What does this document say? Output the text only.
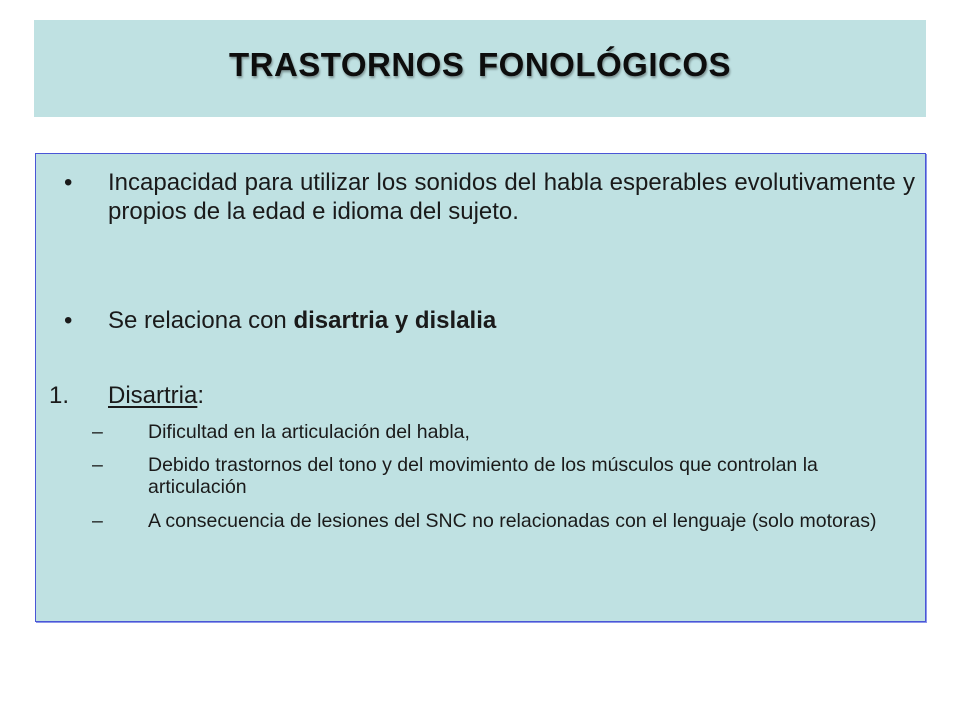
TRASTORNOS FONOLÓGICOS
• Incapacidad para utilizar los sonidos del habla esperables evolutivamente y propios de la edad e idioma del sujeto.
• Se relaciona con disartria y dislalia
1. Disartria:
– Dificultad en la articulación del habla,
– Debido trastornos del tono y del movimiento de los músculos que controlan la articulación
– A consecuencia de lesiones del SNC no relacionadas con el lenguaje (solo motoras)
